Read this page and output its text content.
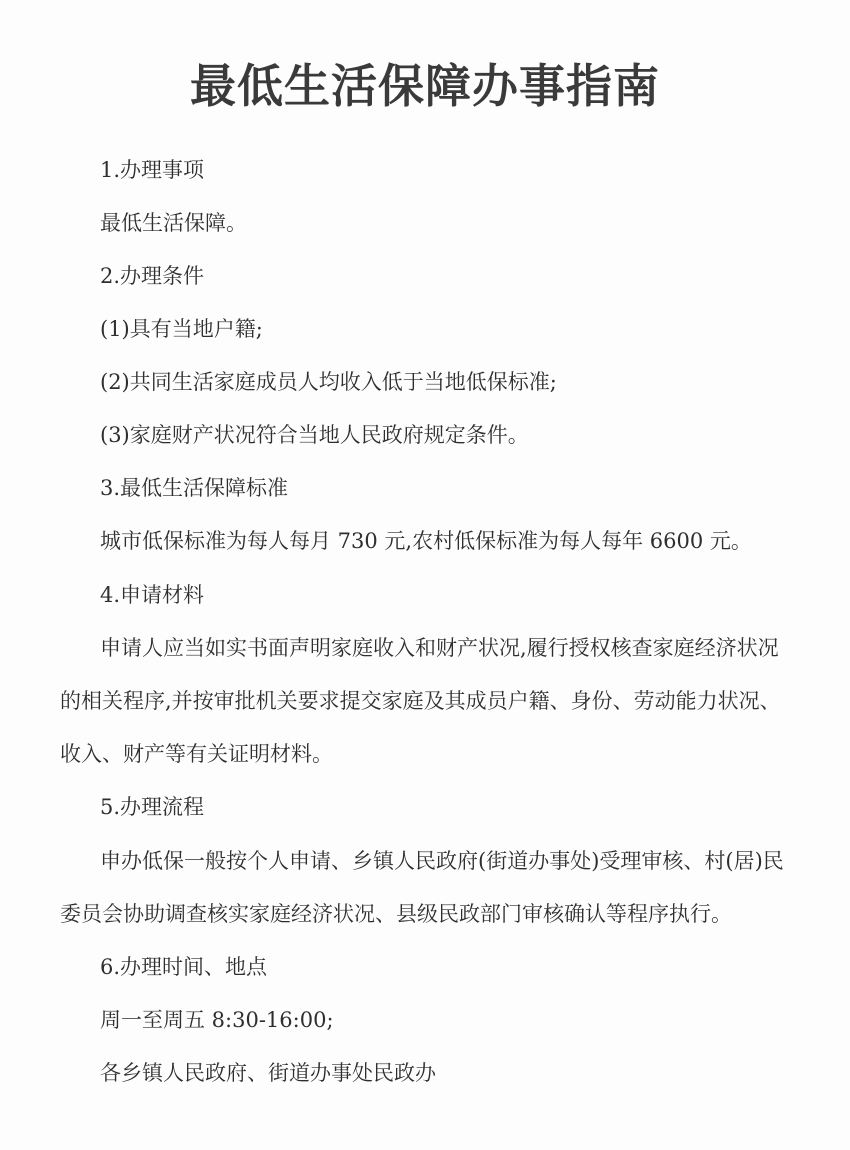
最低生活保障办事指南
1.办理事项
最低生活保障。
2.办理条件
(1)具有当地户籍;
(2)共同生活家庭成员人均收入低于当地低保标准;
(3)家庭财产状况符合当地人民政府规定条件。
3.最低生活保障标准
城市低保标准为每人每月 730 元,农村低保标准为每人每年 6600 元。
4.申请材料
申请人应当如实书面声明家庭收入和财产状况,履行授权核查家庭经济状况
的相关程序,并按审批机关要求提交家庭及其成员户籍、身份、劳动能力状况、
收入、财产等有关证明材料。
5.办理流程
申办低保一般按个人申请、乡镇人民政府(街道办事处)受理审核、村(居)民
委员会协助调查核实家庭经济状况、县级民政部门审核确认等程序执行。
6.办理时间、地点
周一至周五 8:30-16:00;
各乡镇人民政府、街道办事处民政办
